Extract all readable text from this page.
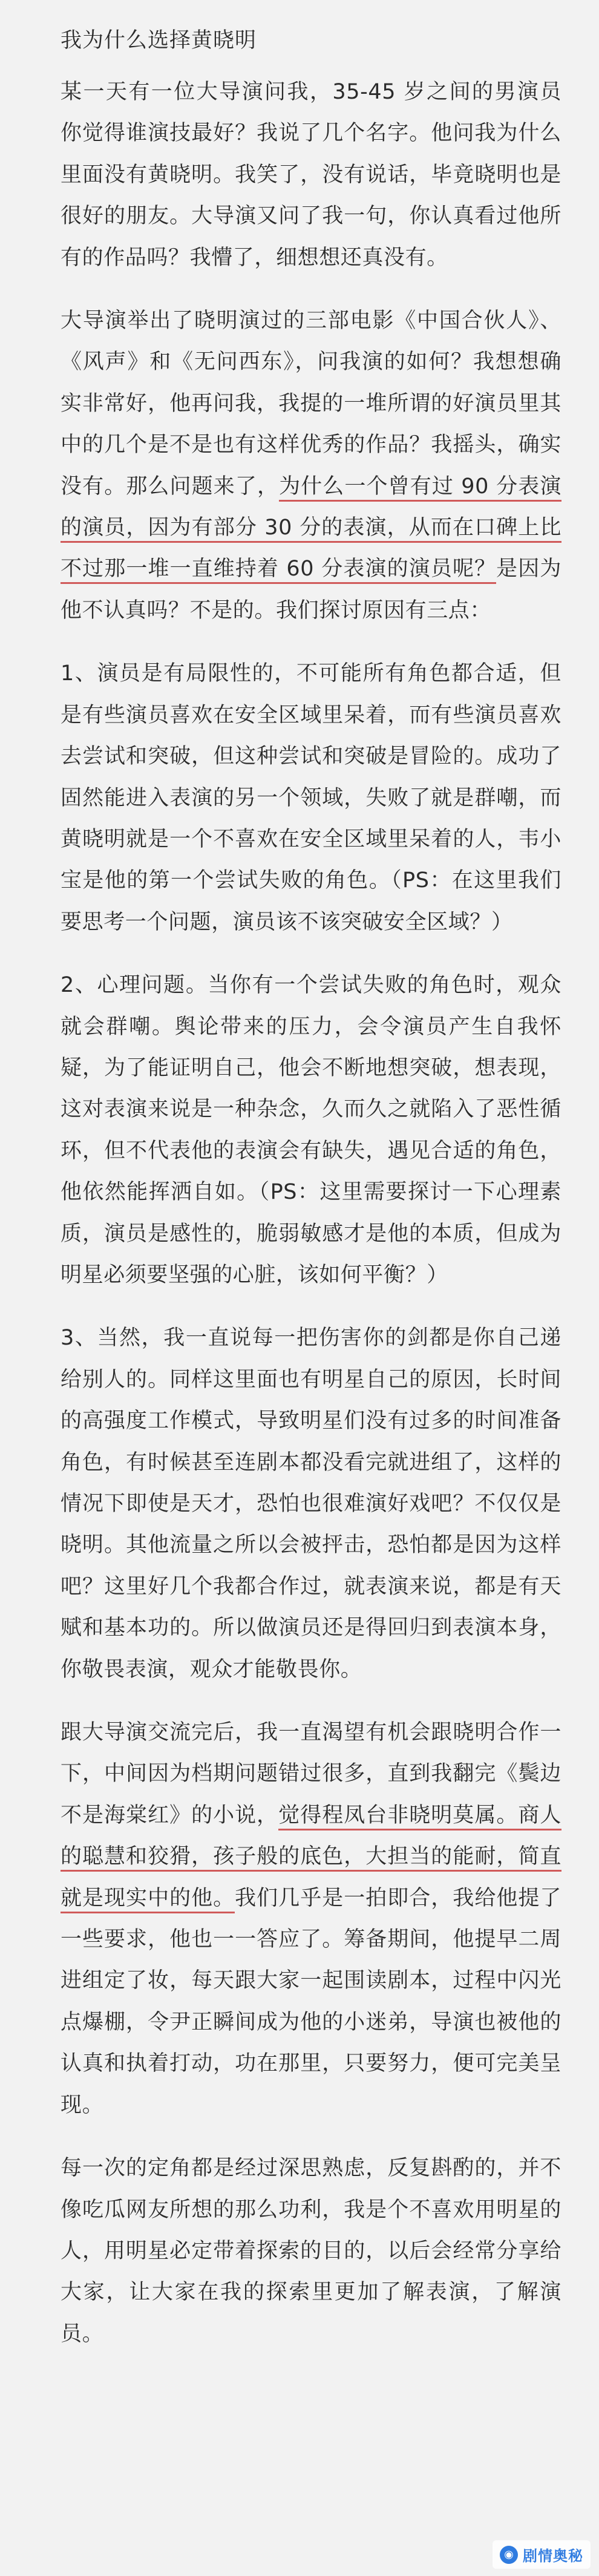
我为什么选择黄晓明

某一天有一位大导演问我，35-45 岁之间的男演员你觉得谁演技最好？我说了几个名字。他问我为什么里面没有黄晓明。我笑了，没有说话，毕竟晓明也是很好的朋友。大导演又问了我一句，你认真看过他所有的作品吗？我懵了，细想想还真没有。

大导演举出了晓明演过的三部电影《中国合伙人》、《风声》和《无问西东》，问我演的如何？我想想确实非常好，他再问我，我提的一堆所谓的好演员里其中的几个是不是也有这样优秀的作品？我摇头，确实没有。那么问题来了，为什么一个曾有过 90 分表演的演员，因为有部分 30 分的表演，从而在口碑上比不过那一堆一直维持着 60 分表演的演员呢？是因为他不认真吗？不是的。我们探讨原因有三点：

1、演员是有局限性的，不可能所有角色都合适，但是有些演员喜欢在安全区域里呆着，而有些演员喜欢去尝试和突破，但这种尝试和突破是冒险的。成功了固然能进入表演的另一个领域，失败了就是群嘲，而黄晓明就是一个不喜欢在安全区域里呆着的人，韦小宝是他的第一个尝试失败的角色。（PS：在这里我们要思考一个问题，演员该不该突破安全区域？）

2、心理问题。当你有一个尝试失败的角色时，观众就会群嘲。舆论带来的压力，会令演员产生自我怀疑，为了能证明自己，他会不断地想突破，想表现，这对表演来说是一种杂念，久而久之就陷入了恶性循环，但不代表他的表演会有缺失，遇见合适的角色，他依然能挥洒自如。（PS：这里需要探讨一下心理素质，演员是感性的，脆弱敏感才是他的本质，但成为明星必须要坚强的心脏，该如何平衡？）

3、当然，我一直说每一把伤害你的剑都是你自己递给别人的。同样这里面也有明星自己的原因，长时间的高强度工作模式，导致明星们没有过多的时间准备角色，有时候甚至连剧本都没看完就进组了，这样的情况下即使是天才，恐怕也很难演好戏吧？不仅仅是晓明。其他流量之所以会被抨击，恐怕都是因为这样吧？这里好几个我都合作过，就表演来说，都是有天赋和基本功的。所以做演员还是得回归到表演本身，你敬畏表演，观众才能敬畏你。

跟大导演交流完后，我一直渴望有机会跟晓明合作一下，中间因为档期问题错过很多，直到我翻完《鬓边不是海棠红》的小说，觉得程凤台非晓明莫属。商人的聪慧和狡猾，孩子般的底色，大担当的能耐，简直就是现实中的他。我们几乎是一拍即合，我给他提了一些要求，他也一一答应了。筹备期间，他提早二周进组定了妆，每天跟大家一起围读剧本，过程中闪光点爆棚，令尹正瞬间成为他的小迷弟，导演也被他的认真和执着打动，功在那里，只要努力，便可完美呈现。

每一次的定角都是经过深思熟虑，反复斟酌的，并不像吃瓜网友所想的那么功利，我是个不喜欢用明星的人，用明星必定带着探索的目的，以后会经常分享给大家，让大家在我的探索里更加了解表演，了解演员。

◉ 剧情奥秘
